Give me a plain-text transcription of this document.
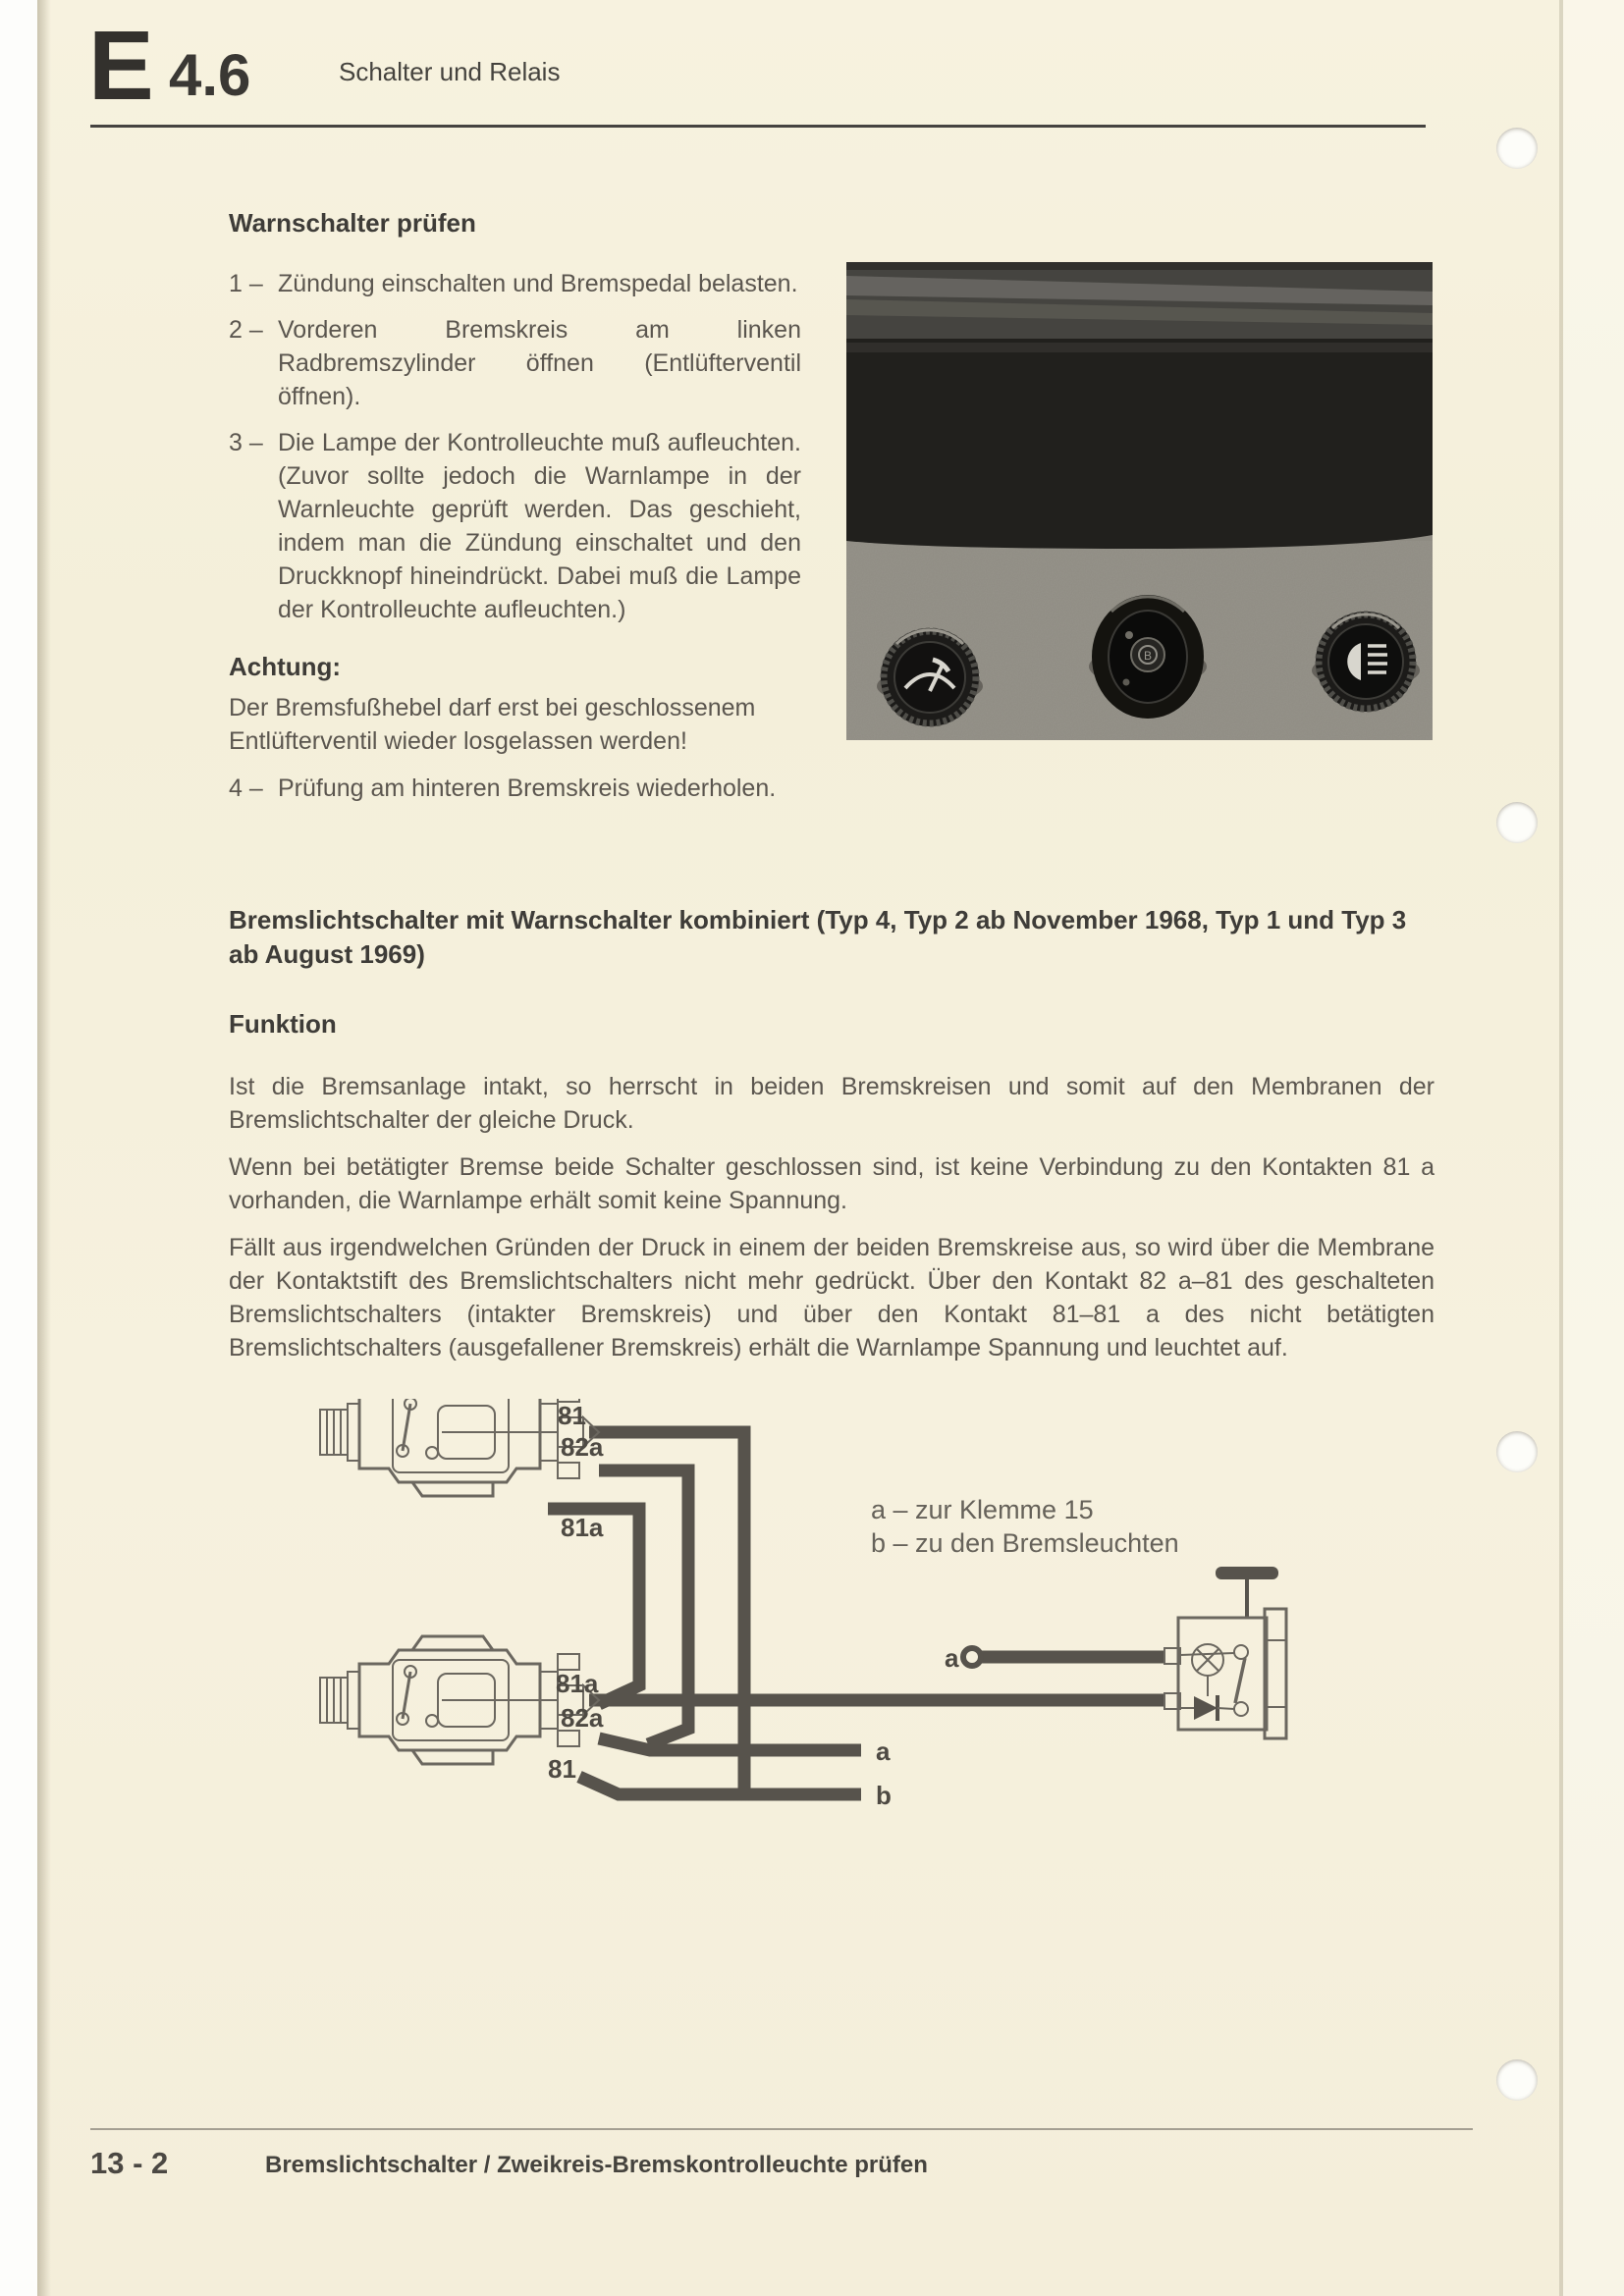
E 4.6	Schalter und Relais
Warnschalter prüfen
1 – Zündung einschalten und Bremspedal belasten.
2 – Vorderen Bremskreis am linken Radbremszylinder öffnen (Entlüfterventil öffnen).
3 – Die Lampe der Kontrolleuchte muß aufleuchten. (Zuvor sollte jedoch die Warnlampe in der Warnleuchte geprüft werden. Das geschieht, indem man die Zündung einschaltet und den Druckknopf hineindrückt. Dabei muß die Lampe der Kontrolleuchte aufleuchten.)
Achtung:
Der Bremsfußhebel darf erst bei geschlossenem Entlüfterventil wieder losgelassen werden!
4 – Prüfung am hinteren Bremskreis wiederholen.
B
Bremslichtschalter mit Warnschalter kombiniert (Typ 4, Typ 2 ab November 1968, Typ 1 und Typ 3 ab August 1969)
Funktion

Ist die Bremsanlage intakt, so herrscht in beiden Bremskreisen und somit auf den Membranen der Bremslichtschalter der gleiche Druck.

Wenn bei betätigter Bremse beide Schalter geschlossen sind, ist keine Verbindung zu den Kontakten 81 a vorhanden, die Warnlampe erhält somit keine Spannung.

Fällt aus irgendwelchen Gründen der Druck in einem der beiden Bremskreise aus, so wird über die Membrane der Kontaktstift des Bremslichtschalters nicht mehr gedrückt. Über den Kontakt 82 a–81 des geschalteten Bremslichtschalters (intakter Bremskreis) und über den Kontakt 81–81 a des nicht betätigten Bremslichtschalters (ausgefallener Bremskreis) erhält die Warnlampe Spannung und leuchtet auf.

81
82a
81a
81a
82a
81
a – zur Klemme 15
b – zu den Bremsleuchten
a
b
a
13 - 2	Bremslichtschalter / Zweikreis-Bremskontrolleuchte prüfen
